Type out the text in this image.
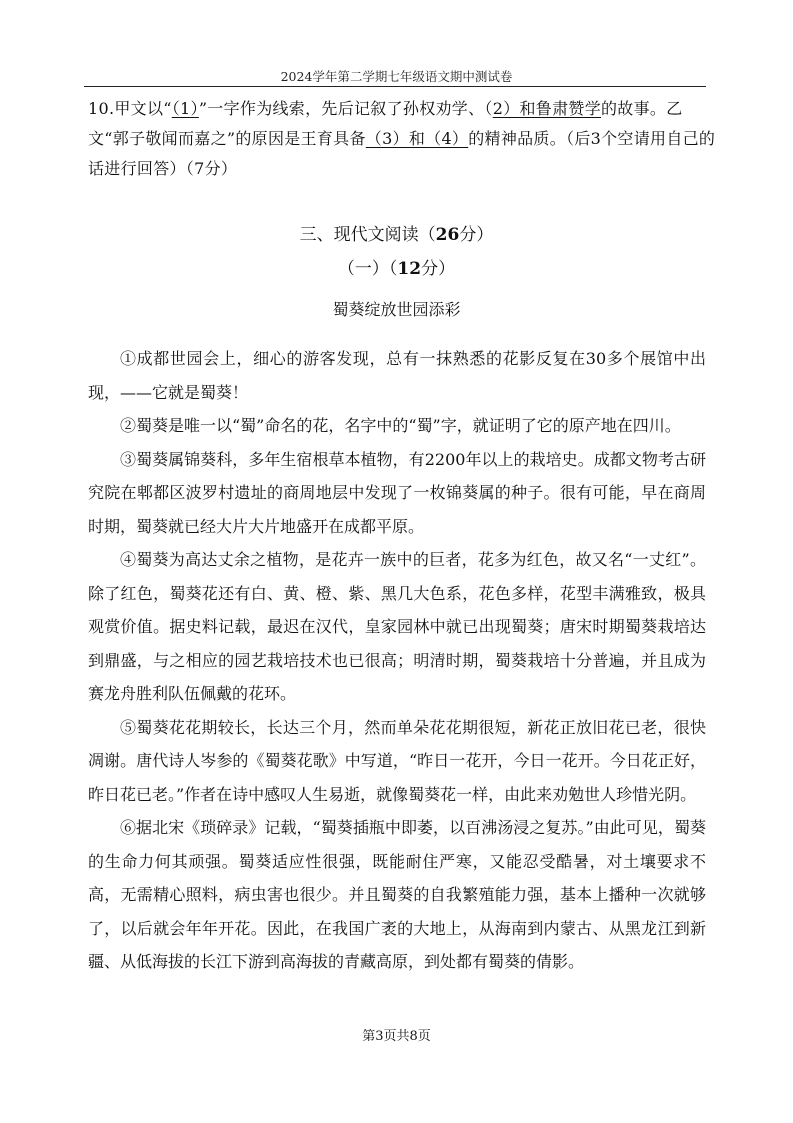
2024学年第二学期七年级语文期中测试卷
10.甲文以“（1）”一字作为线索，先后记叙了孙权劝学、（2）和鲁肃赞学的故事。乙文“郭子敬闻而嘉之”的原因是王育具备（3）和（4）的精神品质。（后3个空请用自己的话进行回答）（7分）
三、现代文阅读（26分）
（一）（12分）
蜀葵绽放世园添彩

①成都世园会上，细心的游客发现，总有一抹熟悉的花影反复在30多个展馆中出现，——它就是蜀葵！

②蜀葵是唯一以“蜀”命名的花，名字中的“蜀”字，就证明了它的原产地在四川。

③蜀葵属锦葵科，多年生宿根草本植物，有2200年以上的栽培史。成都文物考古研究院在郫都区波罗村遗址的商周地层中发现了一枚锦葵属的种子。很有可能，早在商周时期，蜀葵就已经大片大片地盛开在成都平原。

④蜀葵为高达丈余之植物，是花卉一族中的巨者，花多为红色，故又名“一丈红”。除了红色，蜀葵花还有白、黄、橙、紫、黑几大色系，花色多样，花型丰满雅致，极具观赏价值。据史料记载，最迟在汉代，皇家园林中就已出现蜀葵；唐宋时期蜀葵栽培达到鼎盛，与之相应的园艺栽培技术也已很高；明清时期，蜀葵栽培十分普遍，并且成为赛龙舟胜利队伍佩戴的花环。

⑤蜀葵花花期较长，长达三个月，然而单朵花花期很短，新花正放旧花已老，很快凋谢。唐代诗人岑参的《蜀葵花歌》中写道，“昨日一花开，今日一花开。今日花正好，昨日花已老。”作者在诗中感叹人生易逝，就像蜀葵花一样，由此来劝勉世人珍惜光阴。

⑥据北宋《琐碎录》记载，“蜀葵插瓶中即萎，以百沸汤浸之复苏。”由此可见，蜀葵的生命力何其顽强。蜀葵适应性很强，既能耐住严寒，又能忍受酷暑，对土壤要求不高，无需精心照料，病虫害也很少。并且蜀葵的自我繁殖能力强，基本上播种一次就够了，以后就会年年开花。因此，在我国广袤的大地上，从海南到内蒙古、从黑龙江到新疆、从低海拔的长江下游到高海拔的青藏高原，到处都有蜀葵的倩影。

第3页共8页
